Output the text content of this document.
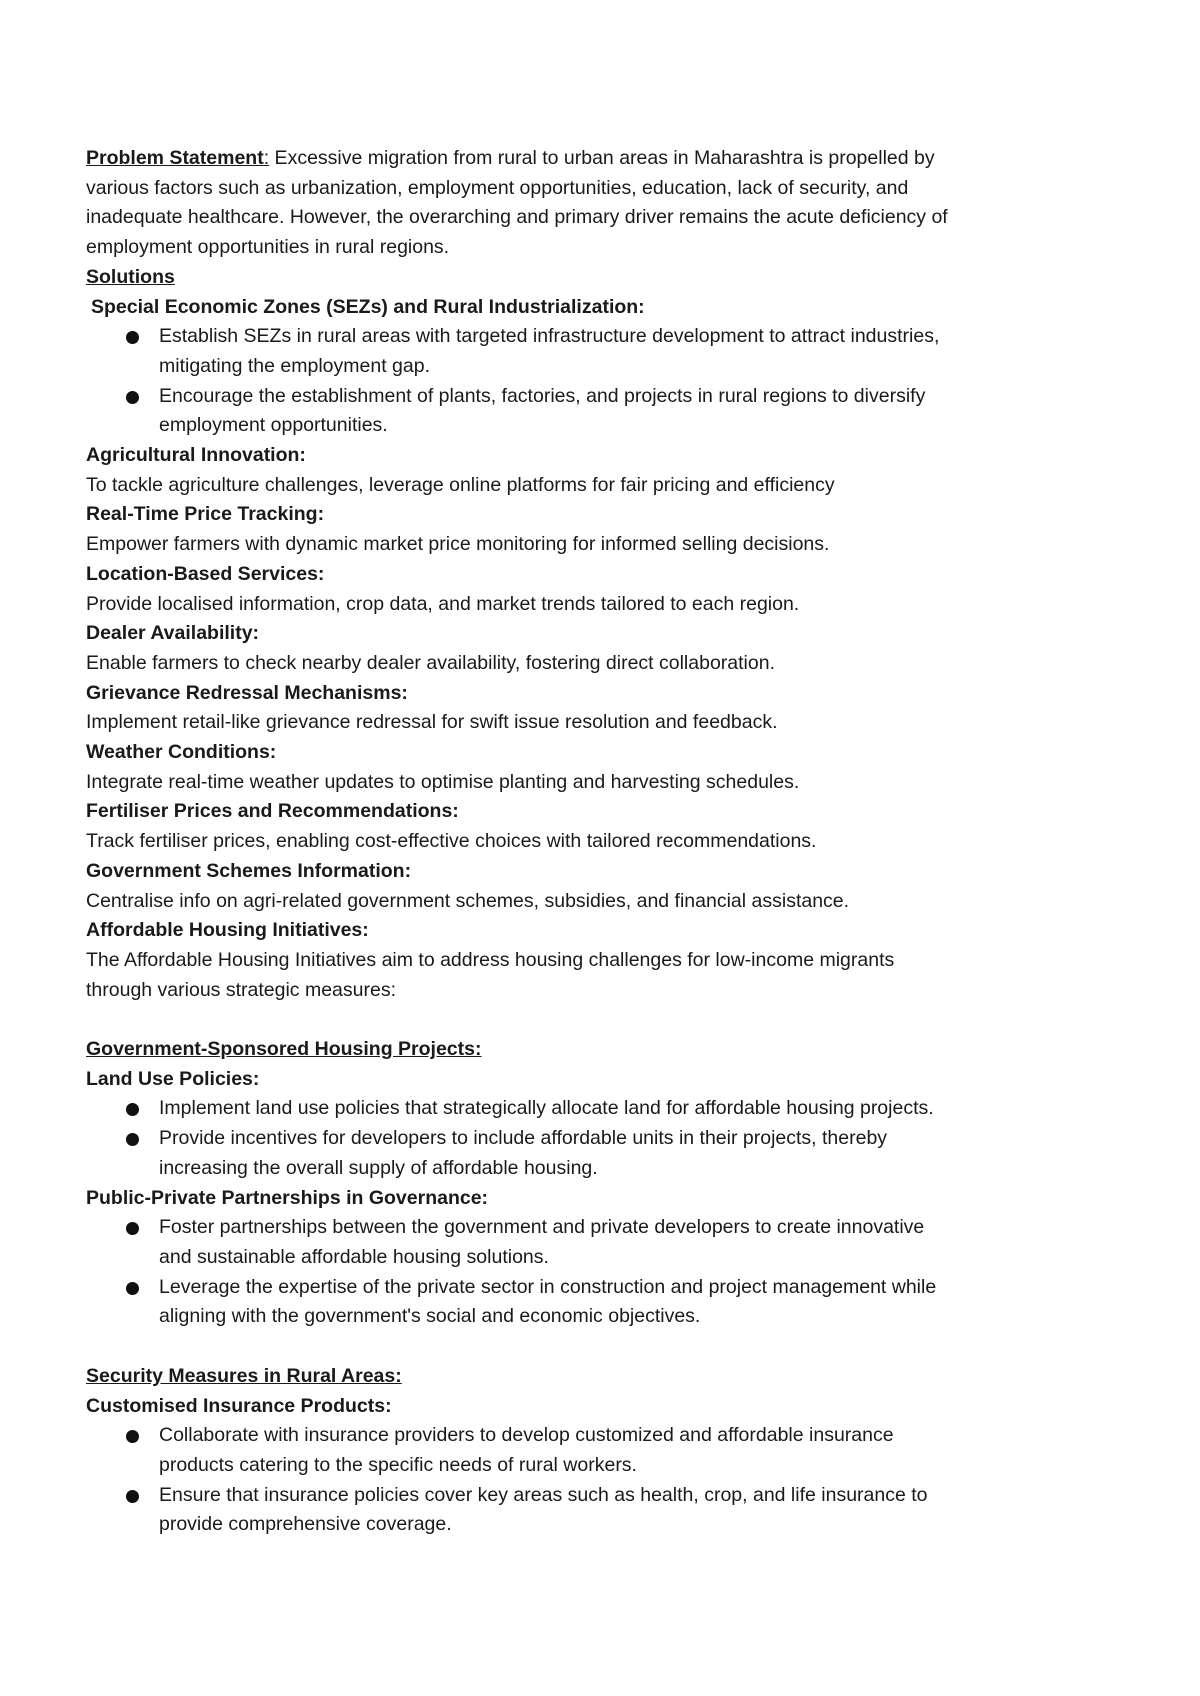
Problem Statement: Excessive migration from rural to urban areas in Maharashtra is propelled by
various factors such as urbanization, employment opportunities, education, lack of security, and
inadequate healthcare. However, the overarching and primary driver remains the acute deficiency of
employment opportunities in rural regions.
Solutions
Special Economic Zones (SEZs) and Rural Industrialization:
Establish SEZs in rural areas with targeted infrastructure development to attract industries,
mitigating the employment gap.
Encourage the establishment of plants, factories, and projects in rural regions to diversify
employment opportunities.
Agricultural Innovation:
To tackle agriculture challenges, leverage online platforms for fair pricing and efficiency
Real-Time Price Tracking:
Empower farmers with dynamic market price monitoring for informed selling decisions.
Location-Based Services:
Provide localised information, crop data, and market trends tailored to each region.
Dealer Availability:
Enable farmers to check nearby dealer availability, fostering direct collaboration.
Grievance Redressal Mechanisms:
Implement retail-like grievance redressal for swift issue resolution and feedback.
Weather Conditions:
Integrate real-time weather updates to optimise planting and harvesting schedules.
Fertiliser Prices and Recommendations:
Track fertiliser prices, enabling cost-effective choices with tailored recommendations.
Government Schemes Information:
Centralise info on agri-related government schemes, subsidies, and financial assistance.
Affordable Housing Initiatives:
The Affordable Housing Initiatives aim to address housing challenges for low-income migrants
through various strategic measures:
Government-Sponsored Housing Projects:
Land Use Policies:
Implement land use policies that strategically allocate land for affordable housing projects.
Provide incentives for developers to include affordable units in their projects, thereby
increasing the overall supply of affordable housing.
Public-Private Partnerships in Governance:
Foster partnerships between the government and private developers to create innovative
and sustainable affordable housing solutions.
Leverage the expertise of the private sector in construction and project management while
aligning with the government's social and economic objectives.
Security Measures in Rural Areas:
Customised Insurance Products:
Collaborate with insurance providers to develop customized and affordable insurance
products catering to the specific needs of rural workers.
Ensure that insurance policies cover key areas such as health, crop, and life insurance to
provide comprehensive coverage.
